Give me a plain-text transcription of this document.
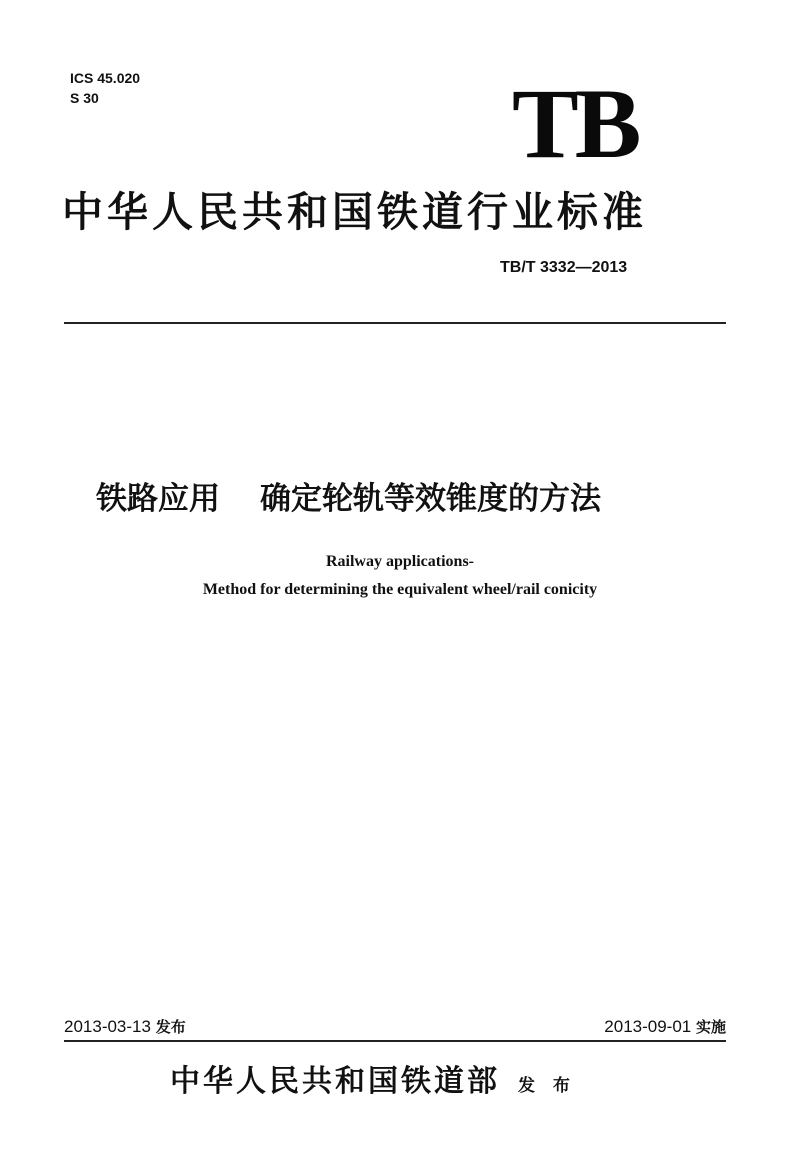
ICS 45.020
S 30	TB
中华人民共和国铁道行业标准
TB/T 3332—2013
铁路应用 确定轮轨等效锥度的方法
Railway applications-
Method for determining the equivalent wheel/rail conicity
2013-03-13 发布	2013-09-01 实施
中华人民共和国铁道部 发 布
